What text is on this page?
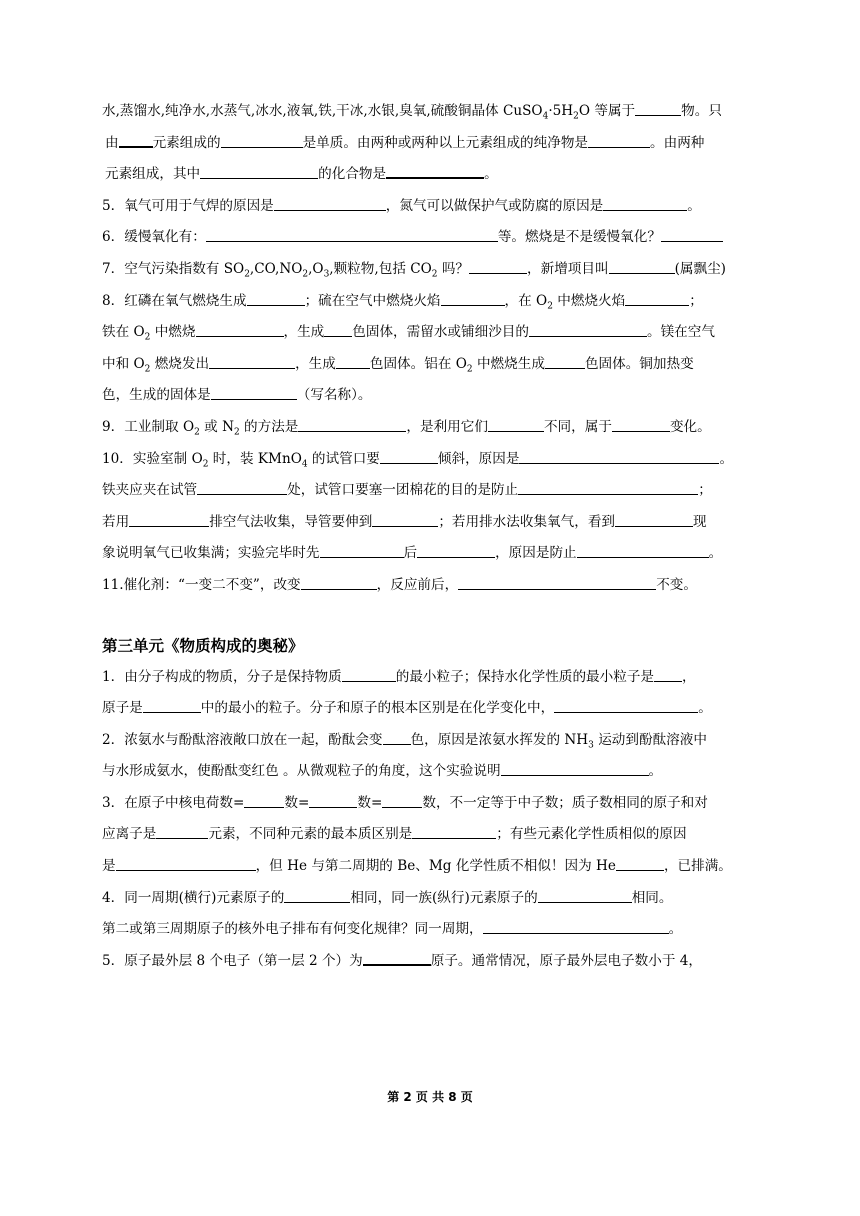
水,蒸馏水,纯净水,水蒸气,冰水,液氧,铁,干冰,水银,臭氧,硫酸铜晶体 $CuSO_4\cdot 5H_2O$ 等属于	物。只
由	元素组成的	是单质。由两种或两种以上元素组成的纯净物是	。由两种
元素组成，其中	的化合物是	。
5．氧气可用于气焊的原因是	，氮气可以做保护气或防腐的原因是	。
6．缓慢氧化有：	等。燃烧是不是缓慢氧化？
7．空气污染指数有 $SO_2,CO,NO_2,O_3$,颗粒物,包括 $CO_2$ 吗？	，新增项目叫	(属飘尘)
8．红磷在氧气燃烧生成	；硫在空气中燃烧火焰	，在 $O_2$ 中燃烧火焰	；
铁在 $O_2$ 中燃烧	，生成 色固体，需留水或铺细沙目的	。镁在空气
中和 $O_2$ 燃烧发出	，生成	色固体。铝在 $O_2$ 中燃烧生成	色固体。铜加热变
色，生成的固体是	（写名称）。
9．工业制取 $O_2$ 或 $N_2$ 的方法是	，是利用它们	不同，属于	变化。
10．实验室制 $O_2$ 时，装 KMnO$_4$ 的试管口要	倾斜，原因是	。
铁夹应夹在试管	处，试管口要塞一团棉花的目的是防止	；
若用	排空气法收集，导管要伸到	；若用排水法收集氧气，看到	现
象说明氧气已收集满；实验完毕时先	后	，原因是防止	。
11.催化剂：“一变二不变”，改变	，反应前后，	不变。
第三单元《物质构成的奥秘》
1．由分子构成的物质，分子是保持物质	的最小粒子；保持水化学性质的最小粒子是 ，
原子是	中的最小的粒子。分子和原子的根本区别是在化学变化中，	。
2．浓氨水与酚酞溶液敞口放在一起，酚酞会变 色，原因是浓氨水挥发的 $NH_3$ 运动到酚酞溶液中
与水形成氨水，使酚酞变红色 。从微观粒子的角度，这个实验说明	。
3．在原子中核电荷数=	数=	数=	数，不一定等于中子数；质子数相同的原子和对
应离子是	元素，不同种元素的最本质区别是	；有些元素化学性质相似的原因
是	，但 He 与第二周期的 Be、Mg 化学性质不相似！因为 He	，已排满。
4．同一周期(横行)元素原子的	相同，同一族(纵行)元素原子的	相同。
第二或第三周期原子的核外电子排布有何变化规律？同一周期，	。
5．原子最外层 8 个电子（第一层 2 个）为	原子。通常情况，原子最外层电子数小于 4，
第 2 页 共 8 页
